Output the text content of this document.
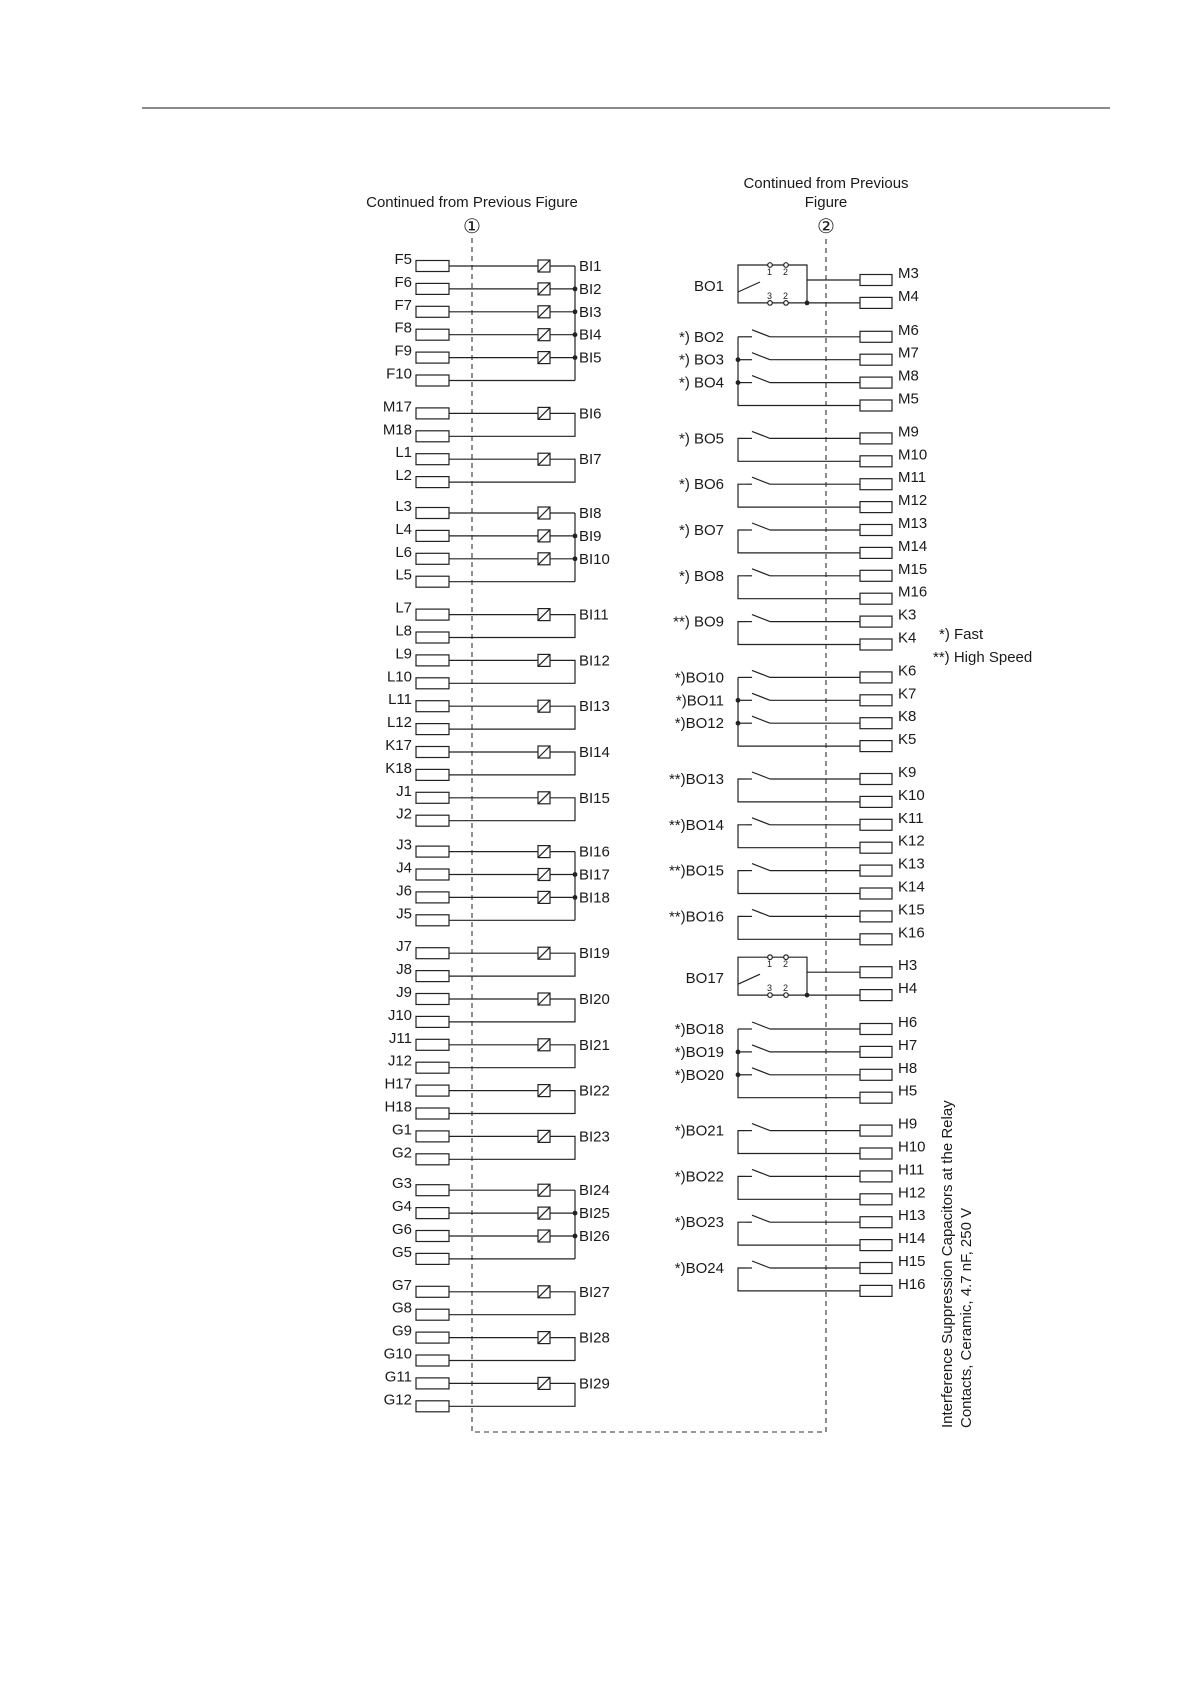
Continued from Previous Figure
Continued from Previous
Figure
①	②
F5	BI1
F6	BI2
F7	BI3
F8	BI4
F9	BI5
F10
M17
M18
BI6
L1
L2
BI7
L3	BI8
L4	BI9
L6	BI10
L5
L7
L8
BI11
L9
L10
BI12
L11
L12
BI13
K17
K18
BI14
J1
J2
BI15
J3	BI16
J4	BI17
J6	BI18
J5
J7
J8
BI19
J9
J10
BI20
J11
J12
BI21
H17
H18
BI22
G1
G2
BI23
G3	BI24
G4	BI25
G6	BI26
G5
G7
G8
BI27
G9
G10
BI28
G11
G12
BI29
M3
M4
BO1
1 2
3 2
M6
*) BO2
M7
*) BO3
M8
*) BO4
M5
M9
M10
*) BO5
M11
M12
*) BO6
M13
M14
*) BO7
M15
M16
*) BO8
K3
K4
**) BO9
K6
*)BO10
K7
*)BO11
K8
*)BO12
K5
K9
K10
**)BO13
K11
K12
**)BO14
K13
K14
**)BO15
K15
K16
**)BO16
H3
H4
BO17
1 2
3 2
H6
*)BO18
H7
*)BO19
H8
*)BO20
H5
H9
H10
*)BO21
H11
H12
*)BO22
H13
H14
*)BO23
H15
H16
*)BO24
*) Fast
**) High Speed
Interference Suppression Capacitors at the Relay Contacts, Ceramic, 4.7 nF, 250 V
